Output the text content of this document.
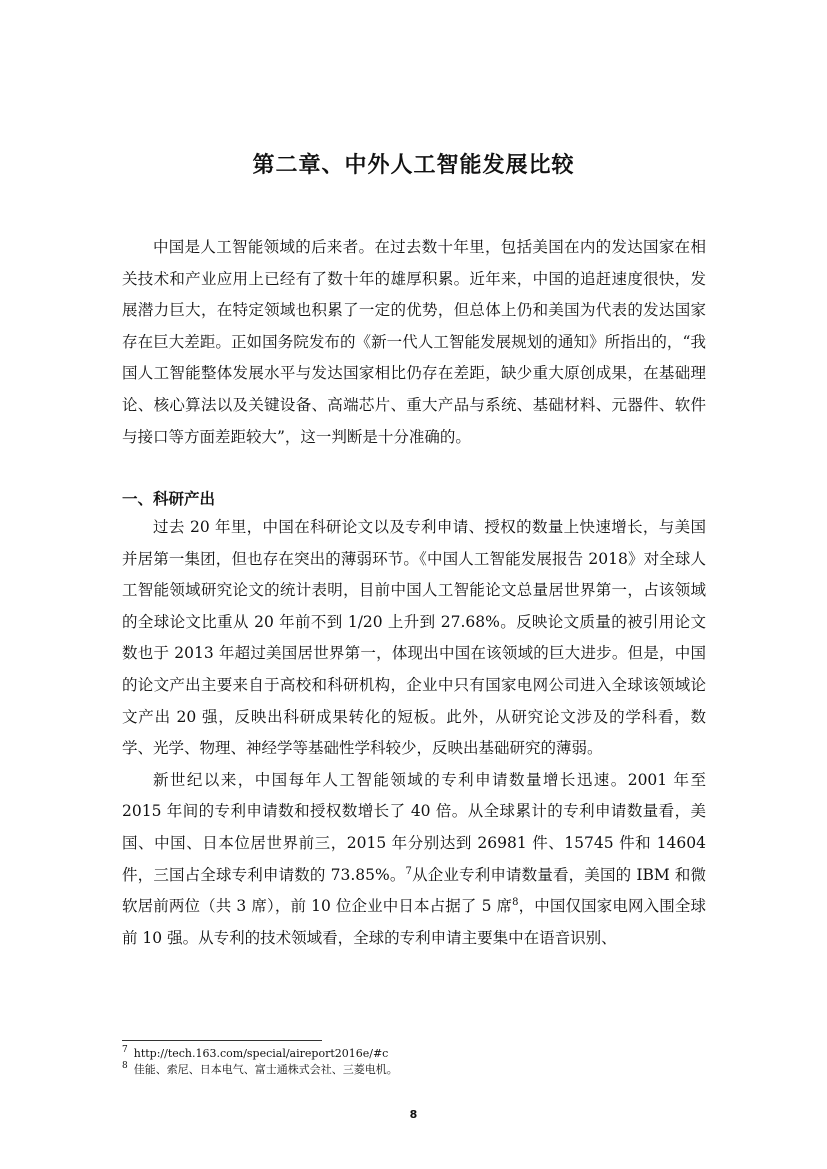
第二章、中外人工智能发展比较

中国是人工智能领域的后来者。在过去数十年里，包括美国在内的发达国家在相关技术和产业应用上已经有了数十年的雄厚积累。近年来，中国的追赶速度很快，发展潜力巨大，在特定领域也积累了一定的优势，但总体上仍和美国为代表的发达国家存在巨大差距。正如国务院发布的《新一代人工智能发展规划的通知》所指出的，“我国人工智能整体发展水平与发达国家相比仍存在差距，缺少重大原创成果，在基础理论、核心算法以及关键设备、高端芯片、重大产品与系统、基础材料、元器件、软件与接口等方面差距较大”，这一判断是十分准确的。

一、科研产出

过去 20 年里，中国在科研论文以及专利申请、授权的数量上快速增长，与美国并居第一集团，但也存在突出的薄弱环节。《中国人工智能发展报告 2018》对全球人工智能领域研究论文的统计表明，目前中国人工智能论文总量居世界第一，占该领域的全球论文比重从 20 年前不到 1/20 上升到 27.68%。反映论文质量的被引用论文数也于 2013 年超过美国居世界第一，体现出中国在该领域的巨大进步。但是，中国的论文产出主要来自于高校和科研机构，企业中只有国家电网公司进入全球该领域论文产出 20 强，反映出科研成果转化的短板。此外，从研究论文涉及的学科看，数学、光学、物理、神经学等基础性学科较少，反映出基础研究的薄弱。

新世纪以来，中国每年人工智能领域的专利申请数量增长迅速。2001 年至 2015 年间的专利申请数和授权数增长了 40 倍。从全球累计的专利申请数量看，美国、中国、日本位居世界前三，2015 年分别达到 26981 件、15745 件和 14604 件，三国占全球专利申请数的 73.85%。$^7$从企业专利申请数量看，美国的 IBM 和微软居前两位（共 3 席），前 10 位企业中日本占据了 5 席$^8$，中国仅国家电网入围全球前 10 强。从专利的技术领域看，全球的专利申请主要集中在语音识别、

$^7$ http://tech.163.com/special/aireport2016e/#c

$^8$ 佳能、索尼、日本电气、富士通株式会社、三菱电机。

8
